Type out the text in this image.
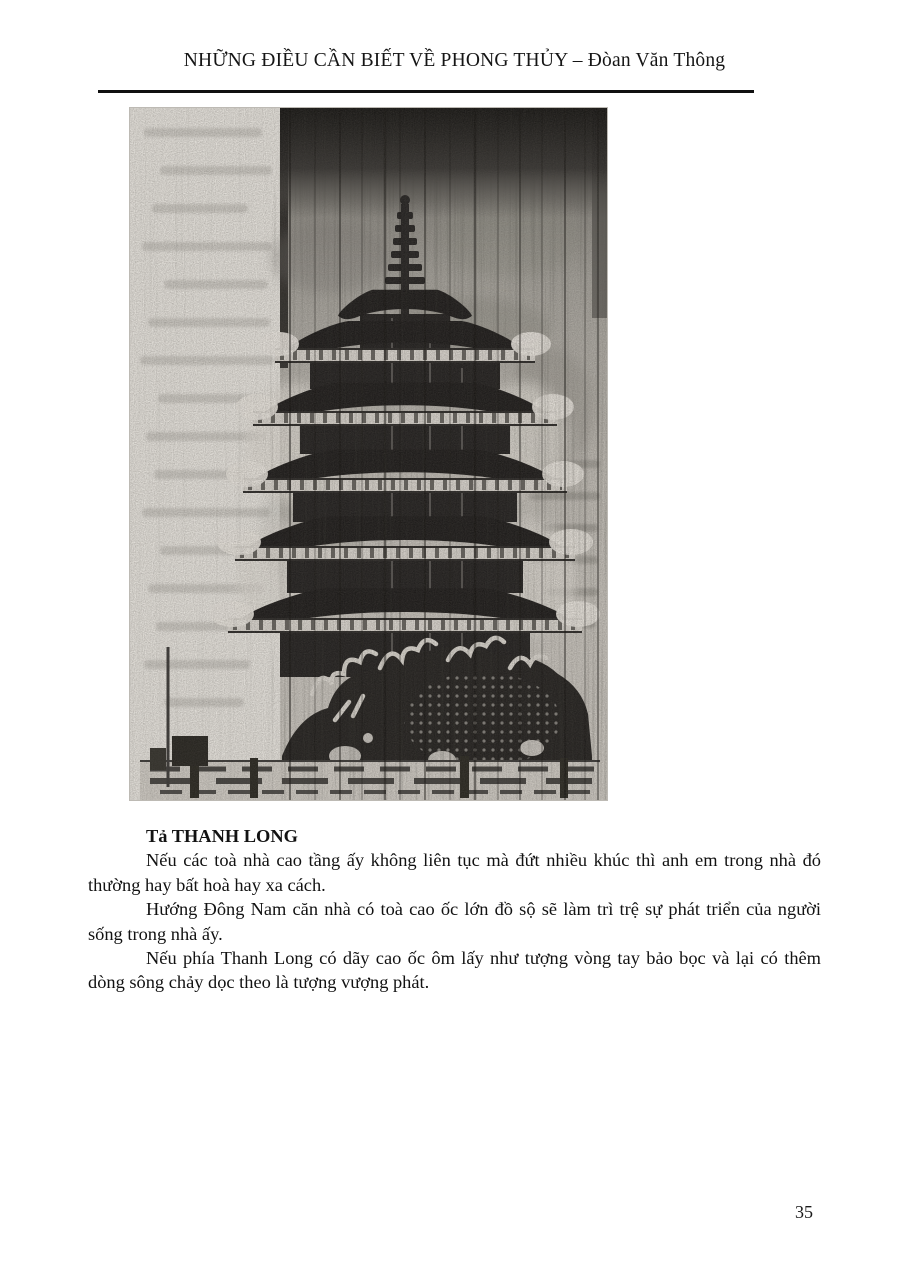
NHỮNG ĐIỀU CẦN BIẾT VỀ PHONG THỦY – Đòan Văn Thông

Tả THANH LONG

Nếu các toà nhà cao tầng ấy không liên tục mà đứt nhiều khúc thì anh em trong nhà đó thường hay bất hoà hay xa cách.

Hướng Đông Nam căn nhà có toà cao ốc lớn đồ sộ sẽ làm trì trệ sự phát triển của người sống trong nhà ấy.

Nếu phía Thanh Long có dãy cao ốc ôm lấy như tượng vòng tay bảo bọc và lại có thêm dòng sông chảy dọc theo là tượng vượng phát.

35
